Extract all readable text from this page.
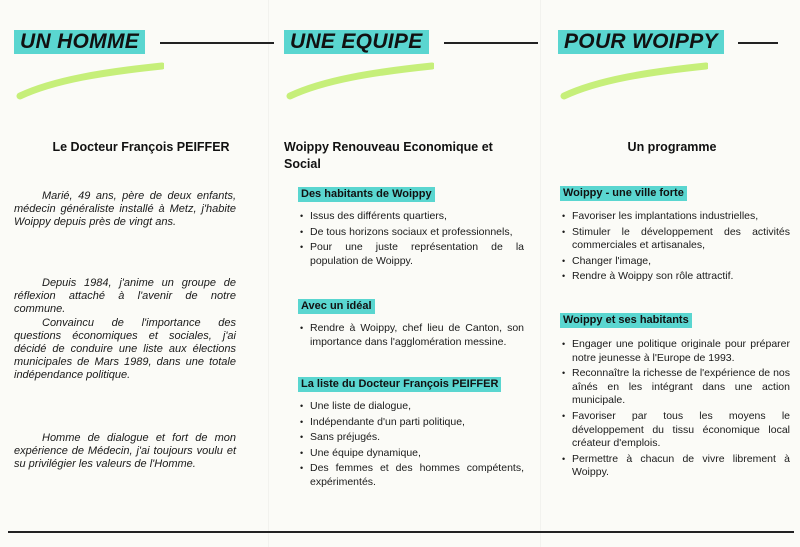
UN HOMME
Le Docteur François PEIFFER
Marié, 49 ans, père de deux enfants, médecin généraliste installé à Metz, j'habite Woippy depuis près de vingt ans.
Depuis 1984, j'anime un groupe de réflexion attaché à l'avenir de notre commune.
Convaincu de l'importance des questions économiques et sociales, j'ai décidé de conduire une liste aux élections municipales de Mars 1989, dans une totale indépendance politique.
Homme de dialogue et fort de mon expérience de Médecin, j'ai toujours voulu et su privilégier les valeurs de l'Homme.
UNE EQUIPE
Woippy Renouveau Economique et Social
Des habitants de Woippy
• Issus des différents quartiers,
• De tous horizons sociaux et professionnels,
• Pour une juste représentation de la population de Woippy.
Avec un idéal
• Rendre à Woippy, chef lieu de Canton, son importance dans l'agglomération messine.
La liste du Docteur François PEIFFER
• Une liste de dialogue,
• Indépendante d'un parti politique,
• Sans préjugés.
• Une équipe dynamique,
• Des femmes et des hommes compétents, expérimentés.
POUR WOIPPY
Un programme
Woippy - une ville forte
• Favoriser les implantations industrielles,
• Stimuler le développement des activités commerciales et artisanales,
• Changer l'image,
• Rendre à Woippy son rôle attractif.
Woippy et ses habitants
• Engager une politique originale pour préparer notre jeunesse à l'Europe de 1993.
• Reconnaître la richesse de l'expérience de nos aînés en les intégrant dans une action municipale.
• Favoriser par tous les moyens le développement du tissu économique local créateur d'emplois.
• Permettre à chacun de vivre librement à Woippy.
